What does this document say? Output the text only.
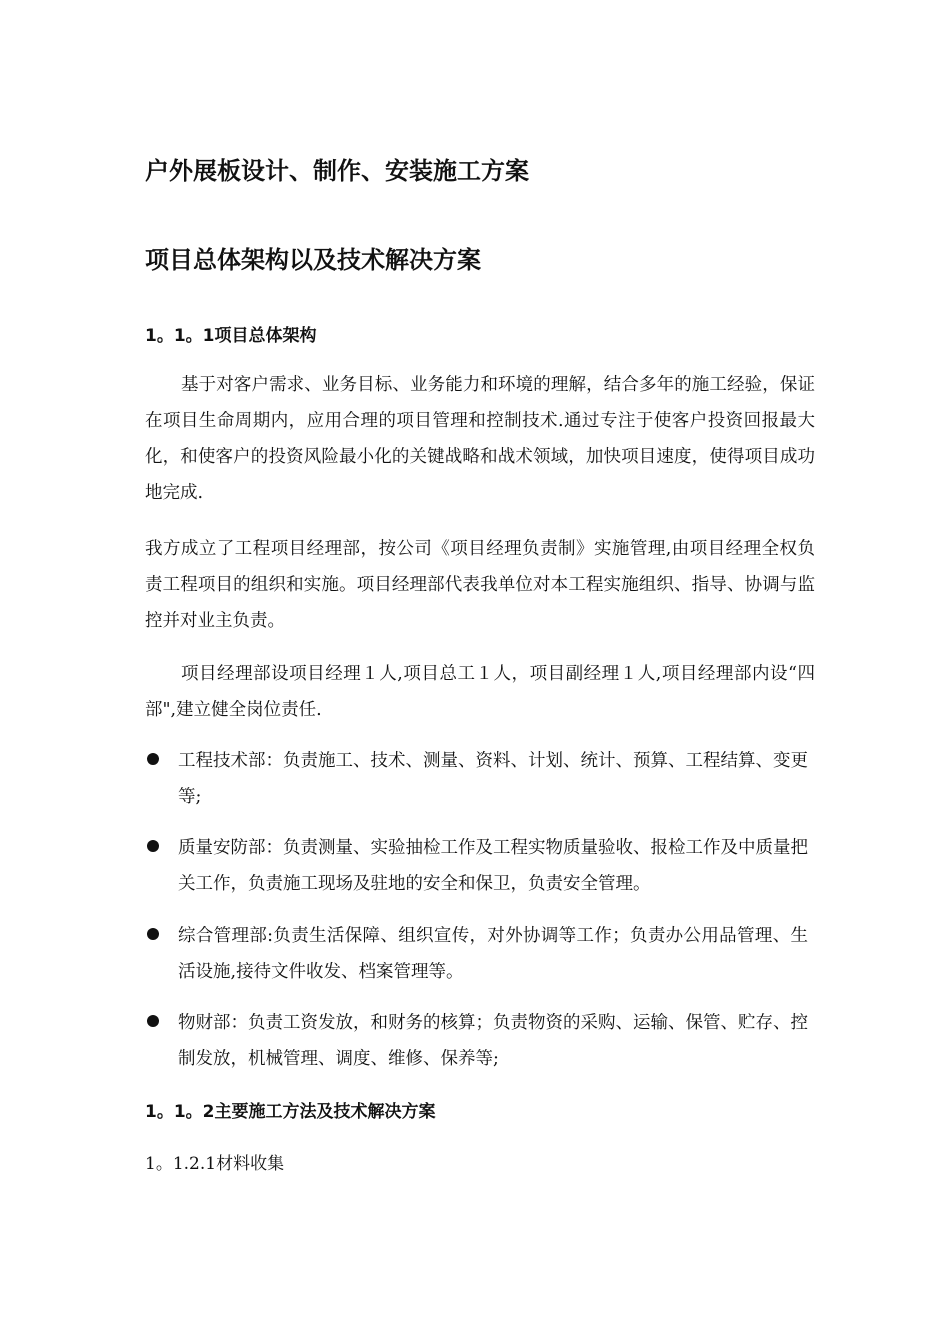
户外展板设计、制作、安装施工方案
项目总体架构以及技术解决方案
1。1。1项目总体架构
基于对客户需求、业务目标、业务能力和环境的理解，结合多年的施工经验，保证在项目生命周期内，应用合理的项目管理和控制技术.通过专注于使客户投资回报最大化，和使客户的投资风险最小化的关键战略和战术领域，加快项目速度，使得项目成功地完成.
我方成立了工程项目经理部，按公司《项目经理负责制》实施管理,由项目经理全权负责工程项目的组织和实施。项目经理部代表我单位对本工程实施组织、指导、协调与监控并对业主负责。
项目经理部设项目经理１人,项目总工１人，项目副经理１人,项目经理部内设“四部",建立健全岗位责任.
工程技术部：负责施工、技术、测量、资料、计划、统计、预算、工程结算、变更等;
质量安防部：负责测量、实验抽检工作及工程实物质量验收、报检工作及中质量把关工作，负责施工现场及驻地的安全和保卫，负责安全管理。
综合管理部:负责生活保障、组织宣传，对外协调等工作；负责办公用品管理、生活设施,接待文件收发、档案管理等。
物财部：负责工资发放，和财务的核算；负责物资的采购、运输、保管、贮存、控制发放，机械管理、调度、维修、保养等;
1。1。2主要施工方法及技术解决方案
1。1.2.1材料收集
